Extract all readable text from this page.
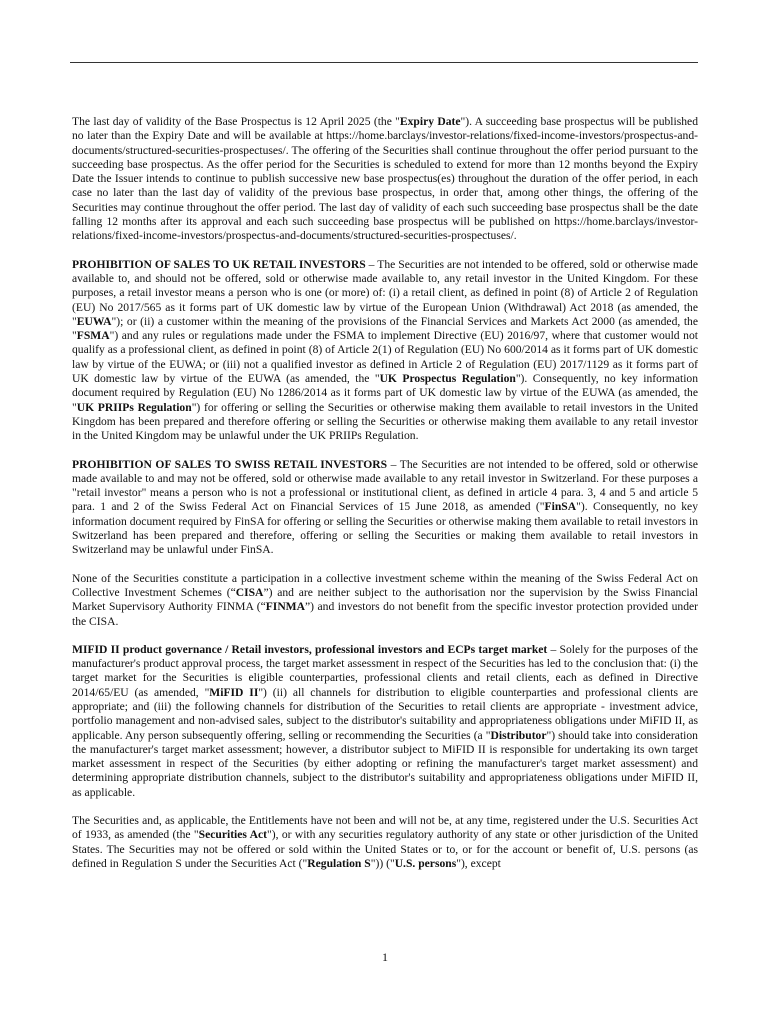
The last day of validity of the Base Prospectus is 12 April 2025 (the "Expiry Date"). A succeeding base prospectus will be published no later than the Expiry Date and will be available at https://home.barclays/investor-relations/fixed-income-investors/prospectus-and-documents/structured-securities-prospectuses/. The offering of the Securities shall continue throughout the offer period pursuant to the succeeding base prospectus. As the offer period for the Securities is scheduled to extend for more than 12 months beyond the Expiry Date the Issuer intends to continue to publish successive new base prospectus(es) throughout the duration of the offer period, in each case no later than the last day of validity of the previous base prospectus, in order that, among other things, the offering of the Securities may continue throughout the offer period. The last day of validity of each such succeeding base prospectus shall be the date falling 12 months after its approval and each such succeeding base prospectus will be published on https://home.barclays/investor-relations/fixed-income-investors/prospectus-and-documents/structured-securities-prospectuses/.

PROHIBITION OF SALES TO UK RETAIL INVESTORS – The Securities are not intended to be offered, sold or otherwise made available to, and should not be offered, sold or otherwise made available to, any retail investor in the United Kingdom. For these purposes, a retail investor means a person who is one (or more) of: (i) a retail client, as defined in point (8) of Article 2 of Regulation (EU) No 2017/565 as it forms part of UK domestic law by virtue of the European Union (Withdrawal) Act 2018 (as amended, the "EUWA"); or (ii) a customer within the meaning of the provisions of the Financial Services and Markets Act 2000 (as amended, the "FSMA") and any rules or regulations made under the FSMA to implement Directive (EU) 2016/97, where that customer would not qualify as a professional client, as defined in point (8) of Article 2(1) of Regulation (EU) No 600/2014 as it forms part of UK domestic law by virtue of the EUWA; or (iii) not a qualified investor as defined in Article 2 of Regulation (EU) 2017/1129 as it forms part of UK domestic law by virtue of the EUWA (as amended, the "UK Prospectus Regulation"). Consequently, no key information document required by Regulation (EU) No 1286/2014 as it forms part of UK domestic law by virtue of the EUWA (as amended, the "UK PRIIPs Regulation") for offering or selling the Securities or otherwise making them available to retail investors in the United Kingdom has been prepared and therefore offering or selling the Securities or otherwise making them available to any retail investor in the United Kingdom may be unlawful under the UK PRIIPs Regulation.

PROHIBITION OF SALES TO SWISS RETAIL INVESTORS – The Securities are not intended to be offered, sold or otherwise made available to and may not be offered, sold or otherwise made available to any retail investor in Switzerland. For these purposes a "retail investor" means a person who is not a professional or institutional client, as defined in article 4 para. 3, 4 and 5 and article 5 para. 1 and 2 of the Swiss Federal Act on Financial Services of 15 June 2018, as amended ("FinSA"). Consequently, no key information document required by FinSA for offering or selling the Securities or otherwise making them available to retail investors in Switzerland has been prepared and therefore, offering or selling the Securities or making them available to retail investors in Switzerland may be unlawful under FinSA.

None of the Securities constitute a participation in a collective investment scheme within the meaning of the Swiss Federal Act on Collective Investment Schemes (“CISA”) and are neither subject to the authorisation nor the supervision by the Swiss Financial Market Supervisory Authority FINMA (“FINMA”) and investors do not benefit from the specific investor protection provided under the CISA.

MIFID II product governance / Retail investors, professional investors and ECPs target market – Solely for the purposes of the manufacturer's product approval process, the target market assessment in respect of the Securities has led to the conclusion that: (i) the target market for the Securities is eligible counterparties, professional clients and retail clients, each as defined in Directive 2014/65/EU (as amended, "MiFID II") (ii) all channels for distribution to eligible counterparties and professional clients are appropriate; and (iii) the following channels for distribution of the Securities to retail clients are appropriate - investment advice, portfolio management and non-advised sales, subject to the distributor's suitability and appropriateness obligations under MiFID II, as applicable. Any person subsequently offering, selling or recommending the Securities (a "Distributor") should take into consideration the manufacturer's target market assessment; however, a distributor subject to MiFID II is responsible for undertaking its own target market assessment in respect of the Securities (by either adopting or refining the manufacturer's target market assessment) and determining appropriate distribution channels, subject to the distributor's suitability and appropriateness obligations under MiFID II, as applicable.

The Securities and, as applicable, the Entitlements have not been and will not be, at any time, registered under the U.S. Securities Act of 1933, as amended (the "Securities Act"), or with any securities regulatory authority of any state or other jurisdiction of the United States. The Securities may not be offered or sold within the United States or to, or for the account or benefit of, U.S. persons (as defined in Regulation S under the Securities Act ("Regulation S")) ("U.S. persons"), except

1
